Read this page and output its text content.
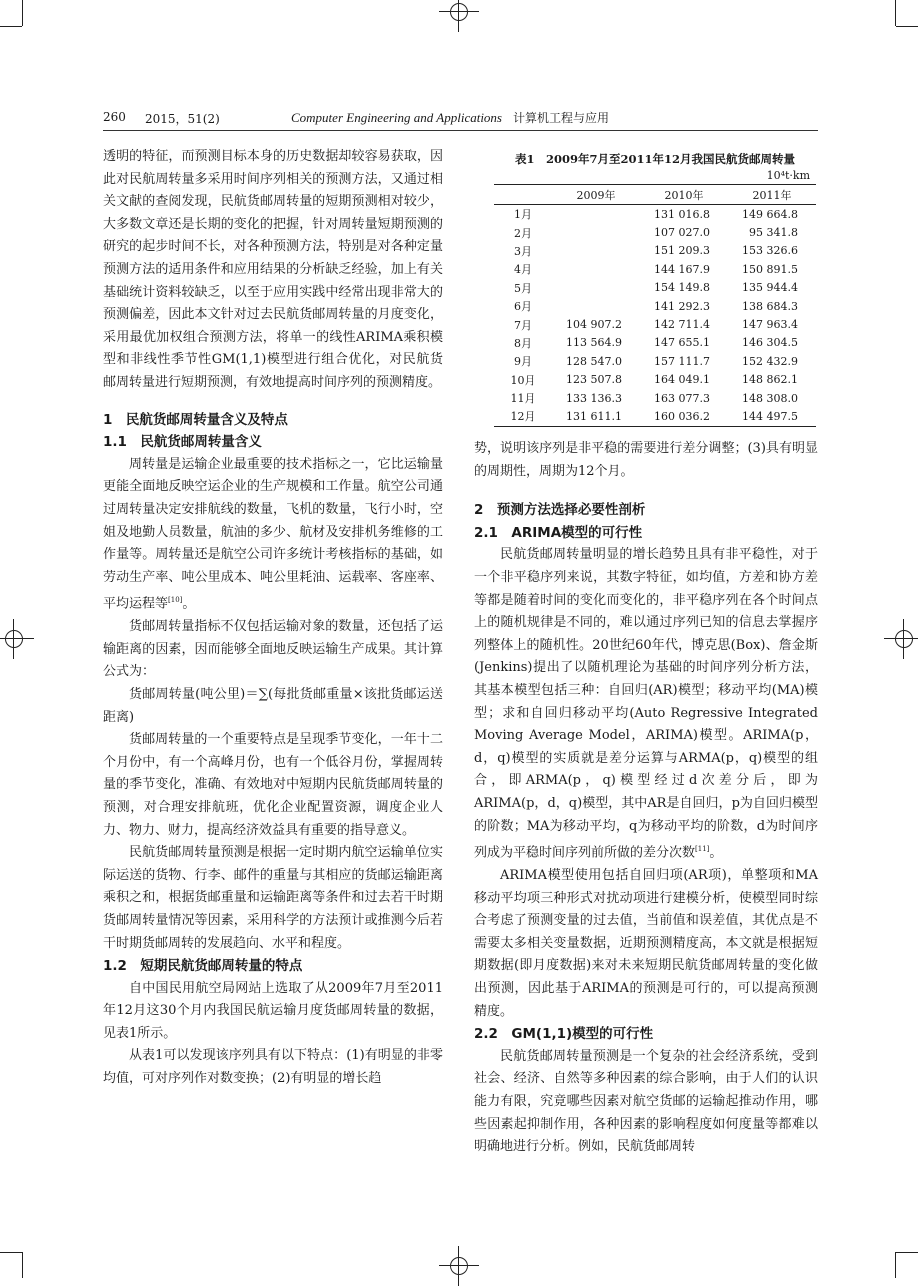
260 2015，51(2)	Computer Engineering and Applications 计算机工程与应用

透明的特征，而预测目标本身的历史数据却较容易获取，因此对民航周转量多采用时间序列相关的预测方法，又通过相关文献的查阅发现，民航货邮周转量的短期预测相对较少，大多数文章还是长期的变化的把握，针对周转量短期预测的研究的起步时间不长，对各种预测方法，特别是对各种定量预测方法的适用条件和应用结果的分析缺乏经验，加上有关基础统计资料较缺乏，以至于应用实践中经常出现非常大的预测偏差，因此本文针对过去民航货邮周转量的月度变化，采用最优加权组合预测方法，将单一的线性ARIMA乘积模型和非线性季节性GM(1,1)模型进行组合优化，对民航货邮周转量进行短期预测，有效地提高时间序列的预测精度。

1　民航货邮周转量含义及特点

1.1　民航货邮周转量含义

周转量是运输企业最重要的技术指标之一，它比运输量更能全面地反映空运企业的生产规模和工作量。航空公司通过周转量决定安排航线的数量，飞机的数量，飞行小时，空姐及地勤人员数量，航油的多少、航材及安排机务维修的工作量等。周转量还是航空公司许多统计考核指标的基础，如劳动生产率、吨公里成本、吨公里耗油、运载率、客座率、平均运程等[10]。

货邮周转量指标不仅包括运输对象的数量，还包括了运输距离的因素，因而能够全面地反映运输生产成果。其计算公式为：

货邮周转量(吨公里)＝∑(每批货邮重量×该批货邮运送距离)

货邮周转量的一个重要特点是呈现季节变化，一年十二个月份中，有一个高峰月份，也有一个低谷月份，掌握周转量的季节变化，准确、有效地对中短期内民航货邮周转量的预测，对合理安排航班，优化企业配置资源，调度企业人力、物力、财力，提高经济效益具有重要的指导意义。

民航货邮周转量预测是根据一定时期内航空运输单位实际运送的货物、行李、邮件的重量与其相应的货邮运输距离乘积之和，根据货邮重量和运输距离等条件和过去若干时期货邮周转量情况等因素，采用科学的方法预计或推测今后若干时期货邮周转的发展趋向、水平和程度。

1.2　短期民航货邮周转量的特点

自中国民用航空局网站上选取了从2009年7月至2011年12月这30个月内我国民航运输月度货邮周转量的数据，见表1所示。

从表1可以发现该序列具有以下特点：(1)有明显的非零均值，可对序列作对数变换；(2)有明显的增长趋

表1　2009年7月至2011年12月我国民航货邮周转量
10⁴t·km
	2009年	2010年	2011年
1月		131 016.8	149 664.8
2月		107 027.0	95 341.8
3月		151 209.3	153 326.6
4月		144 167.9	150 891.5
5月		154 149.8	135 944.4
6月		141 292.3	138 684.3
7月	104 907.2	142 711.4	147 963.4
8月	113 564.9	147 655.1	146 304.5
9月	128 547.0	157 111.7	152 432.9
10月	123 507.8	164 049.1	148 862.1
11月	133 136.3	163 077.3	148 308.0
12月	131 611.1	160 036.2	144 497.5

势，说明该序列是非平稳的需要进行差分调整；(3)具有明显的周期性，周期为12个月。

2　预测方法选择必要性剖析

2.1　ARIMA模型的可行性

民航货邮周转量明显的增长趋势且具有非平稳性，对于一个非平稳序列来说，其数字特征，如均值，方差和协方差等都是随着时间的变化而变化的，非平稳序列在各个时间点上的随机规律是不同的，难以通过序列已知的信息去掌握序列整体上的随机性。20世纪60年代，博克思(Box)、詹金斯(Jenkins)提出了以随机理论为基础的时间序列分析方法，其基本模型包括三种：自回归(AR)模型；移动平均(MA)模型；求和自回归移动平均(Auto Regressive Integrated Moving Average Model，ARIMA)模型。ARIMA(p，d，q)模型的实质就是差分运算与ARMA(p，q)模型的组合，即ARMA(p，q)模型经过d次差分后，即为ARIMA(p，d，q)模型，其中AR是自回归，p为自回归模型的阶数；MA为移动平均，q为移动平均的阶数，d为时间序列成为平稳时间序列前所做的差分次数[11]。

ARIMA模型使用包括自回归项(AR项)，单整项和MA移动平均项三种形式对扰动项进行建模分析，使模型同时综合考虑了预测变量的过去值，当前值和误差值，其优点是不需要太多相关变量数据，近期预测精度高，本文就是根据短期数据(即月度数据)来对未来短期民航货邮周转量的变化做出预测，因此基于ARIMA的预测是可行的，可以提高预测精度。

2.2　GM(1,1)模型的可行性

民航货邮周转量预测是一个复杂的社会经济系统，受到社会、经济、自然等多种因素的综合影响，由于人们的认识能力有限，究竟哪些因素对航空货邮的运输起推动作用，哪些因素起抑制作用，各种因素的影响程度如何度量等都难以明确地进行分析。例如，民航货邮周转
